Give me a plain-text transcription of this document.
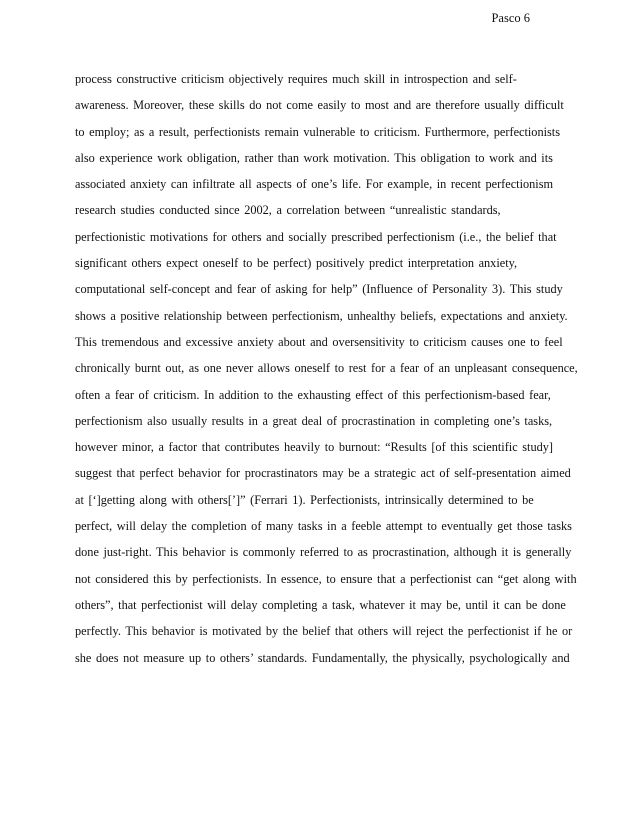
Pasco 6
process constructive criticism objectively requires much skill in introspection and self-
awareness. Moreover, these skills do not come easily to most and are therefore usually difficult
to employ; as a result, perfectionists remain vulnerable to criticism. Furthermore, perfectionists
also experience work obligation, rather than work motivation. This obligation to work and its
associated anxiety can infiltrate all aspects of one’s life. For example, in recent perfectionism
research studies conducted since 2002, a correlation between “unrealistic standards,
perfectionistic motivations for others and socially prescribed perfectionism (i.e., the belief that
significant others expect oneself to be perfect) positively predict interpretation anxiety,
computational self-concept and fear of asking for help” (Influence of Personality 3). This study
shows a positive relationship between perfectionism, unhealthy beliefs, expectations and anxiety.
This tremendous and excessive anxiety about and oversensitivity to criticism causes one to feel
chronically burnt out, as one never allows oneself to rest for a fear of an unpleasant consequence,
often a fear of criticism. In addition to the exhausting effect of this perfectionism-based fear,
perfectionism also usually results in a great deal of procrastination in completing one’s tasks,
however minor, a factor that contributes heavily to burnout: “Results [of this scientific study]
suggest that perfect behavior for procrastinators may be a strategic act of self-presentation aimed
at [‘]getting along with others[’]” (Ferrari 1). Perfectionists, intrinsically determined to be
perfect, will delay the completion of many tasks in a feeble attempt to eventually get those tasks
done just-right. This behavior is commonly referred to as procrastination, although it is generally
not considered this by perfectionists. In essence, to ensure that a perfectionist can “get along with
others”, that perfectionist will delay completing a task, whatever it may be, until it can be done
perfectly. This behavior is motivated by the belief that others will reject the perfectionist if he or
she does not measure up to others’ standards. Fundamentally, the physically, psychologically and
